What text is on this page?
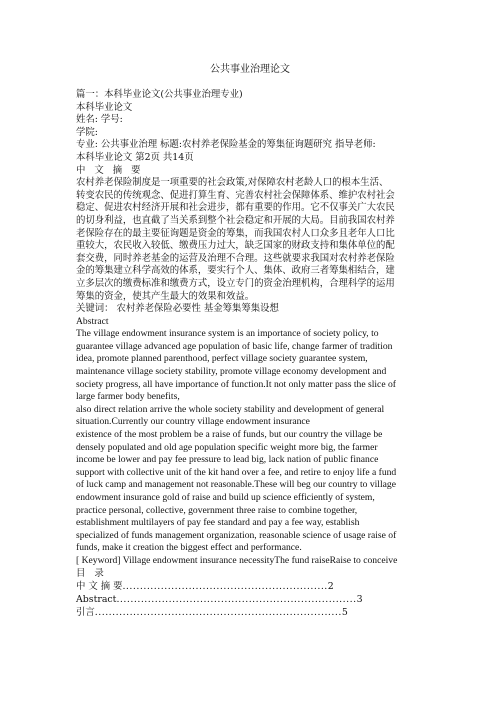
公共事业治理论文

篇一：本科毕业论文(公共事业治理专业)

本科毕业论文

姓名: 学号:

学院:

专业: 公共事业治理 标题:农村养老保险基金的筹集征询题研究 指导老师:

本科毕业论文 第2页 共14页

中 文 摘 要

农村养老保险制度是一项重要的社会政策,对保障农村老龄人口的根本生活、

转变农民的传统观念、促进打算生育、完善农村社会保障体系、维护农村社会

稳定、促进农村经济开展和社会进步，都有重要的作用。它不仅事关广大农民

的切身利益，也直截了当关系到整个社会稳定和开展的大局。目前我国农村养

老保险存在的最主要征询题是资金的筹集，而我国农村人口众多且老年人口比

重较大，农民收入较低、缴费压力过大，缺乏国家的财政支持和集体单位的配

套交费，同时养老基金的运营及治理不合理。这些就要求我国对农村养老保险

金的筹集建立科学高效的体系，要实行个人、集体、政府三者筹集相结合，建

立多层次的缴费标准和缴费方式，设立专门的资金治理机构，合理科学的运用

筹集的资金，使其产生最大的效果和效益。

关键词： 农村养老保险必要性 基金筹集筹集设想

Abstract

The village endowment insurance system is an importance of society policy, to

guarantee village advanced age population of basic life, change farmer of tradition

idea, promote planned parenthood, perfect village society guarantee system,

maintenance village society stability, promote village economy development and

society progress, all have importance of function.It not only matter pass the slice of

large farmer body benefits,

also direct relation arrive the whole society stability and development of general

situation.Currently our country village endowment insurance

existence of the most problem be a raise of funds, but our country the village be

densely populated and old age population specific weight more big, the farmer

income be lower and pay fee pressure to lead big, lack nation of public finance

support with collective unit of the kit hand over a fee, and retire to enjoy life a fund

of luck camp and management not reasonable.These will beg our country to village

endowment insurance gold of raise and build up science efficiently of system,

practice personal, collective, government three raise to combine together,

establishment multilayers of pay fee standard and pay a fee way, establish

specialized of funds management organization, reasonable science of usage raise of

funds, make it creation the biggest effect and performance.

[ Keyword] Village endowment insurance necessityThe fund raiseRaise to conceive

目 录

中 文 摘 要 ........................................................... 2
Abstract ..................................................................... 3
引言 ....................................................................... 5
